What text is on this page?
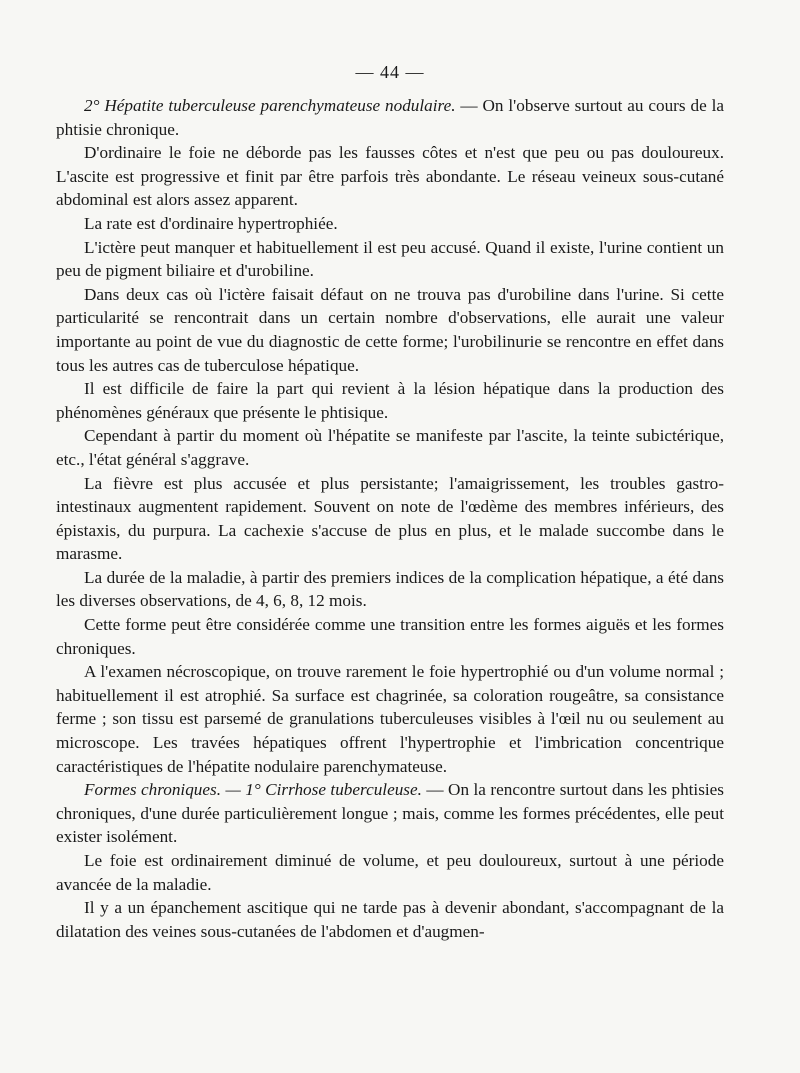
— 44 —

2° Hépatite tuberculeuse parenchymateuse nodulaire. — On l'observe surtout au cours de la phtisie chronique.

D'ordinaire le foie ne déborde pas les fausses côtes et n'est que peu ou pas douloureux. L'ascite est progressive et finit par être parfois très abondante. Le réseau veineux sous-cutané abdominal est alors assez apparent.

La rate est d'ordinaire hypertrophiée.

L'ictère peut manquer et habituellement il est peu accusé. Quand il existe, l'urine contient un peu de pigment biliaire et d'urobiline.

Dans deux cas où l'ictère faisait défaut on ne trouva pas d'urobiline dans l'urine. Si cette particularité se rencontrait dans un certain nombre d'observations, elle aurait une valeur importante au point de vue du diagnostic de cette forme; l'urobilinurie se rencontre en effet dans tous les autres cas de tuberculose hépatique.

Il est difficile de faire la part qui revient à la lésion hépatique dans la production des phénomènes généraux que présente le phtisique.

Cependant à partir du moment où l'hépatite se manifeste par l'ascite, la teinte subictérique, etc., l'état général s'aggrave.

La fièvre est plus accusée et plus persistante; l'amaigrissement, les troubles gastro-intestinaux augmentent rapidement. Souvent on note de l'œdème des membres inférieurs, des épistaxis, du purpura. La cachexie s'accuse de plus en plus, et le malade succombe dans le marasme.

La durée de la maladie, à partir des premiers indices de la complication hépatique, a été dans les diverses observations, de 4, 6, 8, 12 mois.

Cette forme peut être considérée comme une transition entre les formes aiguës et les formes chroniques.

A l'examen nécroscopique, on trouve rarement le foie hypertrophié ou d'un volume normal ; habituellement il est atrophié. Sa surface est chagrinée, sa coloration rougeâtre, sa consistance ferme ; son tissu est parsemé de granulations tuberculeuses visibles à l'œil nu ou seulement au microscope. Les travées hépatiques offrent l'hypertrophie et l'imbrication concentrique caractéristiques de l'hépatite nodulaire parenchymateuse.

Formes chroniques. — 1° Cirrhose tuberculeuse. — On la rencontre surtout dans les phtisies chroniques, d'une durée particulièrement longue ; mais, comme les formes précédentes, elle peut exister isolément.

Le foie est ordinairement diminué de volume, et peu douloureux, surtout à une période avancée de la maladie.

Il y a un épanchement ascitique qui ne tarde pas à devenir abondant, s'accompagnant de la dilatation des veines sous-cutanées de l'abdomen et d'augmen-
